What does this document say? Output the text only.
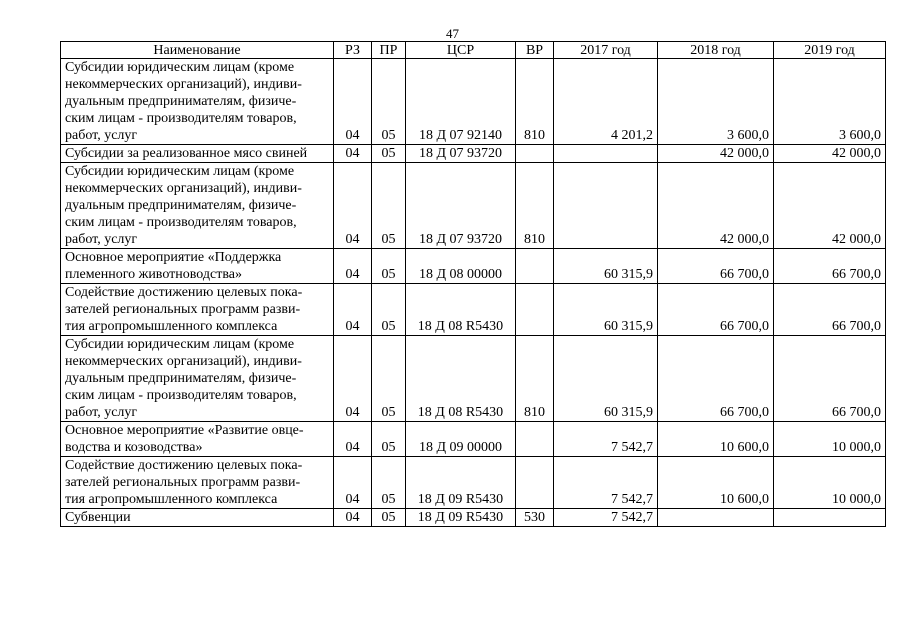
47
Наименование	РЗ	ПР	ЦСР	ВР	2017 год	2018 год	2019 год
Субсидии юридическим лицам (кроме
некоммерческих организаций), индиви-
дуальным предпринимателям, физиче-
ским лицам - производителям товаров,
работ, услуг	04	05	18 Д 07 92140	810	4 201,2	3 600,0	3 600,0
Субсидии за реализованное мясо свиней	04	05	18 Д 07 93720			42 000,0	42 000,0
Субсидии юридическим лицам (кроме
некоммерческих организаций), индиви-
дуальным предпринимателям, физиче-
ским лицам - производителям товаров,
работ, услуг	04	05	18 Д 07 93720	810		42 000,0	42 000,0
Основное мероприятие «Поддержка
племенного животноводства»	04	05	18 Д 08 00000		60 315,9	66 700,0	66 700,0
Содействие достижению целевых пока-
зателей региональных программ разви-
тия агропромышленного комплекса	04	05	18 Д 08 R5430		60 315,9	66 700,0	66 700,0
Субсидии юридическим лицам (кроме
некоммерческих организаций), индиви-
дуальным предпринимателям, физиче-
ским лицам - производителям товаров,
работ, услуг	04	05	18 Д 08 R5430	810	60 315,9	66 700,0	66 700,0
Основное мероприятие «Развитие овце-
водства и козоводства»	04	05	18 Д 09 00000		7 542,7	10 600,0	10 000,0
Содействие достижению целевых пока-
зателей региональных программ разви-
тия агропромышленного комплекса	04	05	18 Д 09 R5430		7 542,7	10 600,0	10 000,0
Субвенции	04	05	18 Д 09 R5430	530	7 542,7		
